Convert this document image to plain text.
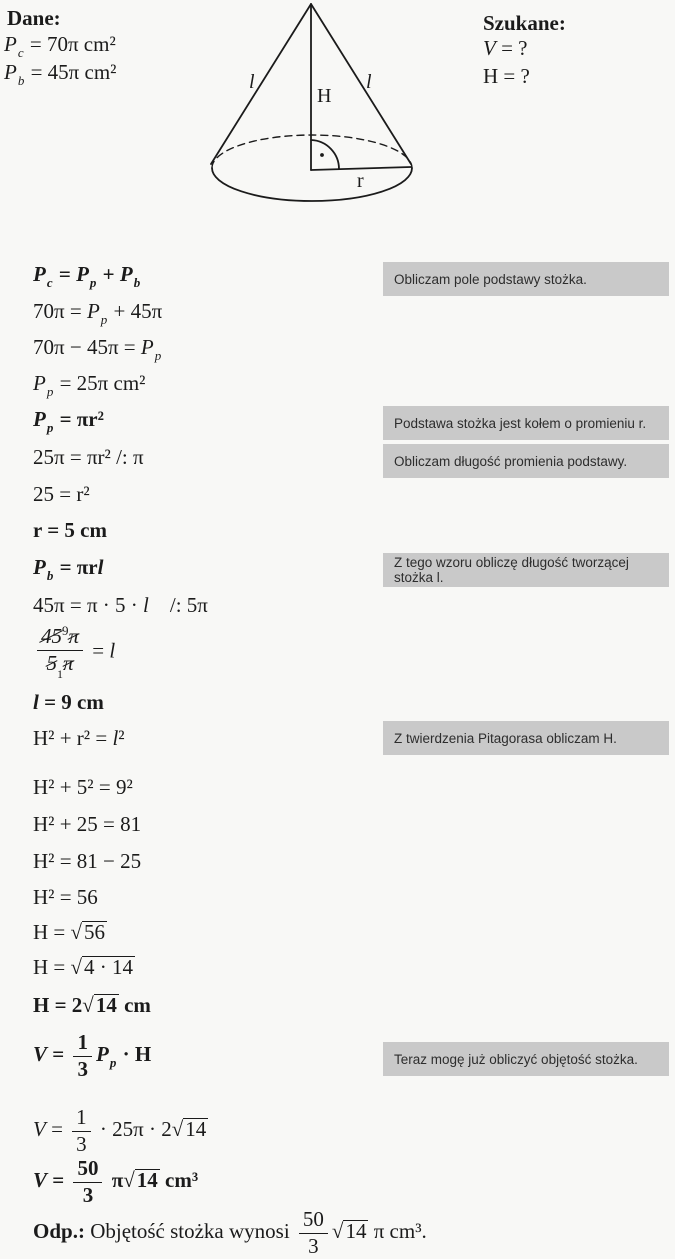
Dane:	Szukane:
l	l
H
r
Obliczam pole podstawy stożka.
Podstawa stożka jest kołem o promieniu r.
Obliczam długość promienia podstawy.
Z tego wzoru obliczę długość tworzącej stożka l.
Z twierdzenia Pitagorasa obliczam H.
Teraz mogę już obliczyć objętość stożka.
$P_c = 70\pi$ cm²
$P_b = 45\pi$ cm²
V = ?
H = ?
$P_c = P_p + P_b$
$70\pi = P_p + 45\pi$
$70\pi - 45\pi = P_p$
$P_p = 25\pi$ cm²
$P_p = \pi r^2$
25π = πr² /: π
25 = r²
r = 5 cm
$P_b = \pi rl$
45π = π · 5 · l    /: 5π
$\frac{45^9\pi}{5_1\pi} = l$
l = 9 cm
H² + r² = l²
H² + 5² = 9²
H² + 25 = 81
H² = 81 − 25
H² = 56
H = √56
H = √4 · 14
H = 2√14 cm
$V = \frac{1}{3} P_p \cdot H$
$V = \frac{1}{3} \cdot 25\pi \cdot 2√14$
$V = \frac{50}{3} \pi√14$ cm³
Odp.: Objętość stożka wynosi $\frac{50}{3} √14$ π cm³.
